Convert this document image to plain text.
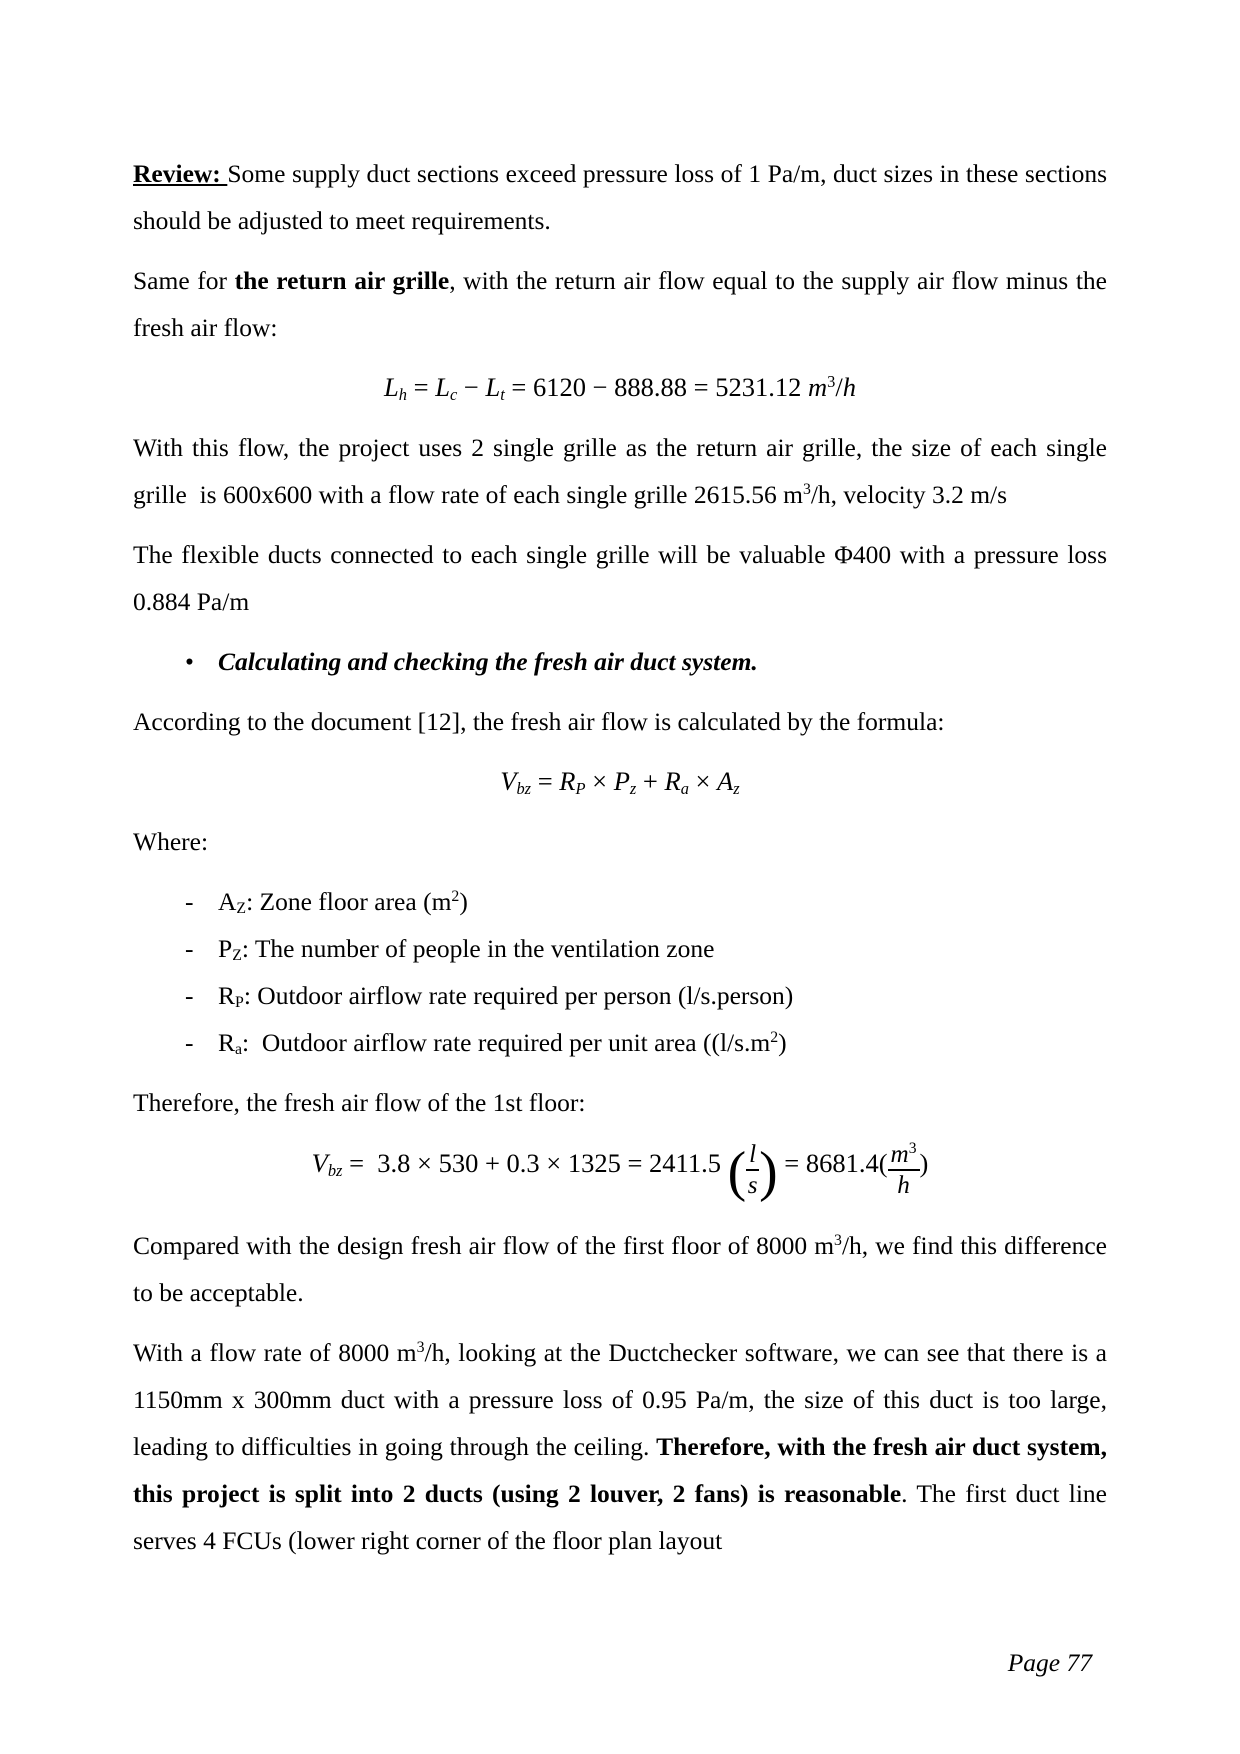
Review: Some supply duct sections exceed pressure loss of 1 Pa/m, duct sizes in these sections should be adjusted to meet requirements.

Same for the return air grille, with the return air flow equal to the supply air flow minus the fresh air flow:

Lh = Lc − Lt = 6120 − 888.88 = 5231.12 $m^3/h$

With this flow, the project uses 2 single grille as the return air grille, the size of each single grille  is 600x600 with a flow rate of each single grille 2615.56 $m^3/h$, velocity 3.2 m/s

The flexible ducts connected to each single grille will be valuable Φ400 with a pressure loss 0.884 Pa/m

• Calculating and checking the fresh air duct system.

According to the document [12], the fresh air flow is calculated by the formula:

Vbz = RP × Pz + Ra × Az

Where:

- AZ: Zone floor area $(m^2)$

- PZ: The number of people in the ventilation zone

- RP: Outdoor airflow rate required per person (l/s.person)

- Ra:  Outdoor airflow rate required per unit area ($(l/s.m^2)$

Therefore, the fresh air flow of the 1st floor:

Vbz =  3.8 × 530 + 0.3 × 1325 = 2411.5 ( $\frac{l}{s}$ ) = $8681.4( \frac{m^3}{h}$ )

Compared with the design fresh air flow of the first floor of 8000 $m^3/h$, we find this difference to be acceptable.

With a flow rate of 8000 $m^3/h$, looking at the Ductchecker software, we can see that there is a 1150mm x 300mm duct with a pressure loss of 0.95 Pa/m, the size of this duct is too large, leading to difficulties in going through the ceiling. Therefore, with the fresh air duct system, this project is split into 2 ducts (using 2 louver, 2 fans) is reasonable. The first duct line serves 4 FCUs (lower right corner of the floor plan layout

Page 77
